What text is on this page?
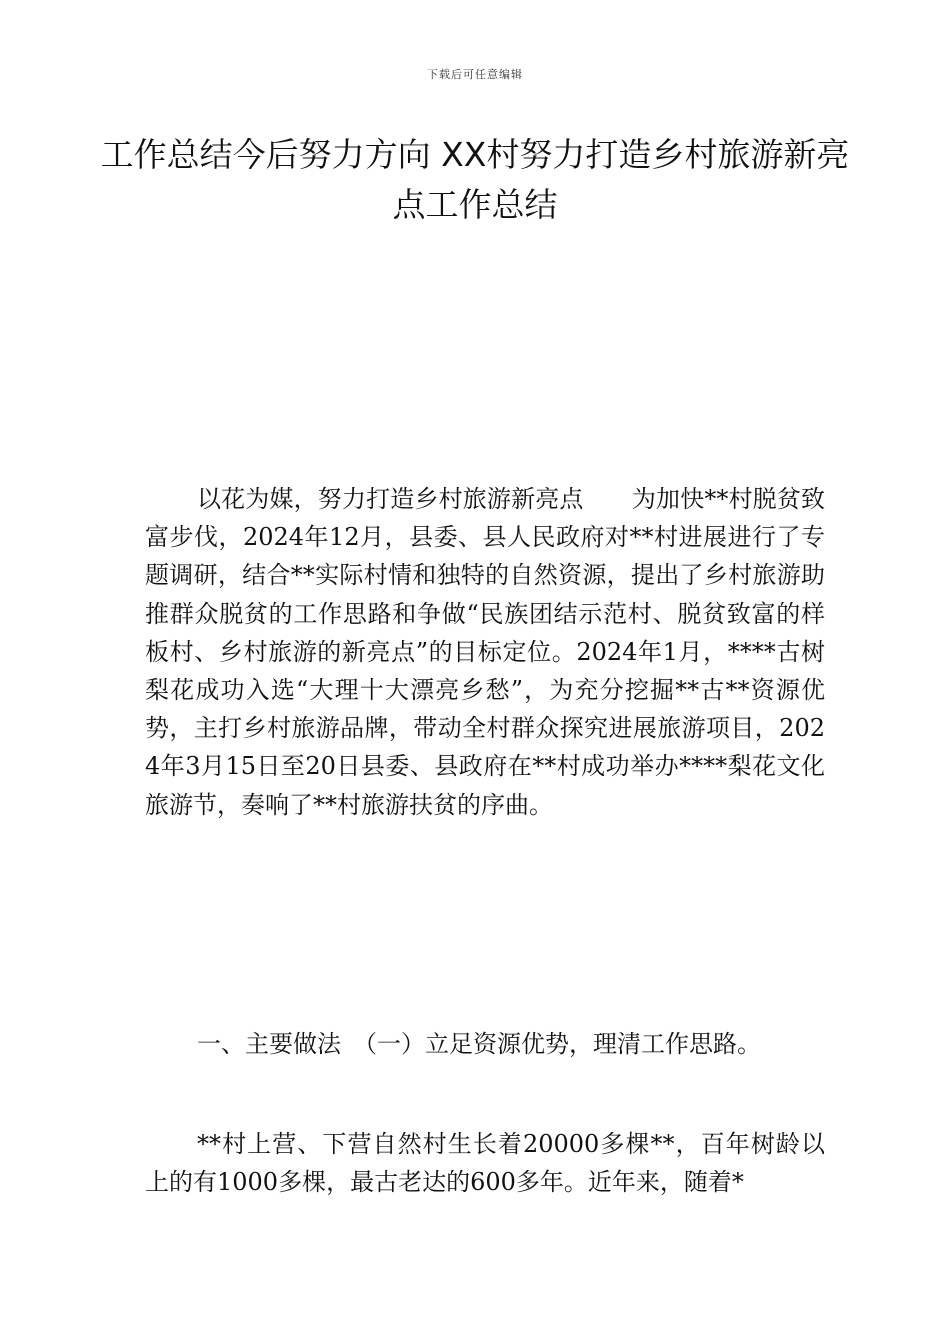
下载后可任意编辑
工作总结今后努力方向 XX村努力打造乡村旅游新亮点工作总结

以花为媒，努力打造乡村旅游新亮点　　为加快**村脱贫致富步伐，2024年12月，县委、县人民政府对**村进展进行了专题调研，结合**实际村情和独特的自然资源，提出了乡村旅游助推群众脱贫的工作思路和争做“民族团结示范村、脱贫致富的样板村、乡村旅游的新亮点”的目标定位。2024年1月，****古树梨花成功入选“大理十大漂亮乡愁”，为充分挖掘**古**资源优势，主打乡村旅游品牌，带动全村群众探究进展旅游项目，2024年3月15日至20日县委、县政府在**村成功举办****梨花文化旅游节，奏响了**村旅游扶贫的序曲。

一、主要做法　（一）立足资源优势，理清工作思路。

**村上营、下营自然村生长着20000多棵**，百年树龄以上的有1000多棵，最古老达的600多年。近年来，随着*
